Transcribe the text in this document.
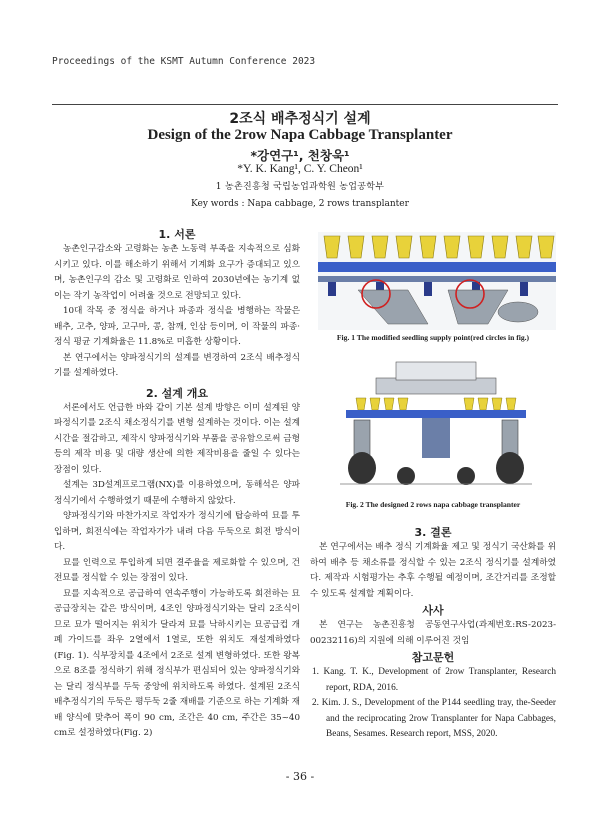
Proceedings of the KSMT Autumn Conference 2023
2조식 배추정식기 설계
Design of the 2row Napa Cabbage Transplanter
*강연구¹, 천창욱¹
*Y. K. Kang¹, C. Y. Cheon¹
1 농촌진흥청 국립농업과학원 농업공학부
Key words : Napa cabbage, 2 rows transplanter
1. 서론

농촌인구감소와 고령화는 농촌 노동력 부족을 지속적으로 심화시키고 있다. 이를 해소하기 위해서 기계화 요구가 증대되고 있으며, 농촌인구의 감소 및 고령화로 인하여 2030년에는 농기계 없이는 작기 농작업이 어려울 것으로 전망되고 있다.

10대 작목 중 정식을 하거나 파종과 정식을 병행하는 작물은 배추, 고추, 양파, 고구마, 콩, 참깨, 인삼 등이며, 이 작물의 파종·정식 평균 기계화율은 11.8%로 미흡한 상황이다.

본 연구에서는 양파정식기의 설계를 변경하여 2조식 배추정식기를 설계하였다.

2. 설계 개요

서론에서도 언급한 바와 같이 기본 설계 방향은 이미 설계된 양파정식기를 2조식 채소정식기를 변형 설계하는 것이다. 이는 설계시간을 절감하고, 제작시 양파정식기와 부품을 공유함으로써 금형 등의 제작 비용 및 대량 생산에 의한 제작비용을 줄일 수 있다는 장점이 있다.

설계는 3D설계프로그램(NX)를 이용하였으며, 동해석은 양파정식기에서 수행하였기 때문에 수행하지 않았다.

양파정식기와 마찬가지로 작업자가 정식기에 탑승하여 묘를 투입하며, 회전식에는 작업자가가 내려 다음 두둑으로 회전 방식이다.

묘를 인력으로 투입하게 되면 결주율을 제로화할 수 있으며, 건전묘를 정식할 수 있는 장점이 있다.

묘를 지속적으로 공급하여 연속주행이 가능하도록 회전하는 묘 공급장치는 같은 방식이며, 4조인 양파정식기와는 달리 2조식이므로 묘가 떨어지는 위치가 달라져 묘를 낙하시키는 묘공급컵 개폐 가이드를 좌우 2열에서 1열로, 또한 위치도 재설계하였다(Fig. 1). 식부장치를 4조에서 2조로 설계 변형하였다. 또한 왕복으로 8조를 정식하기 위해 정식부가 편심되어 있는 양파정식기와는 달리 정식부를 두둑 중앙에 위치하도록 하였다. 설계된 2조식 배추정식기의 두둑은 평두둑 2줄 재배를 기준으로 하는 기계화 재배 양식에 맞추어 폭이 90 cm, 조간은 40 cm, 주간은 35~40 cm로 설정하였다(Fig. 2)

Fig. 1 The modified seedling supply point(red circles in fig.)
Fig. 2 The designed 2 rows napa cabbage transplanter
3. 결론

본 연구에서는 배추 정식 기계화율 제고 및 정식기 국산화를 위하여 배추 등 채소류를 정식할 수 있는 2조식 정식기를 설계하였다. 제작과 시험평가는 추후 수행될 예정이며, 조간거리를 조정할 수 있도록 설계할 계획이다.

사사

본 연구는 농촌진흥청 공동연구사업(과제번호:RS-2023-00232116)의 지원에 의해 이루어진 것임

참고문헌

1. Kang. T. K., Development of 2row Transplanter, Research report, RDA, 2016.

2. Kim. J. S., Development of the P144 seedling tray, the-Seeder and the reciprocating 2row Transplanter for Napa Cabbages, Beans, Sesames. Research report, MSS, 2020.

- 36 -
